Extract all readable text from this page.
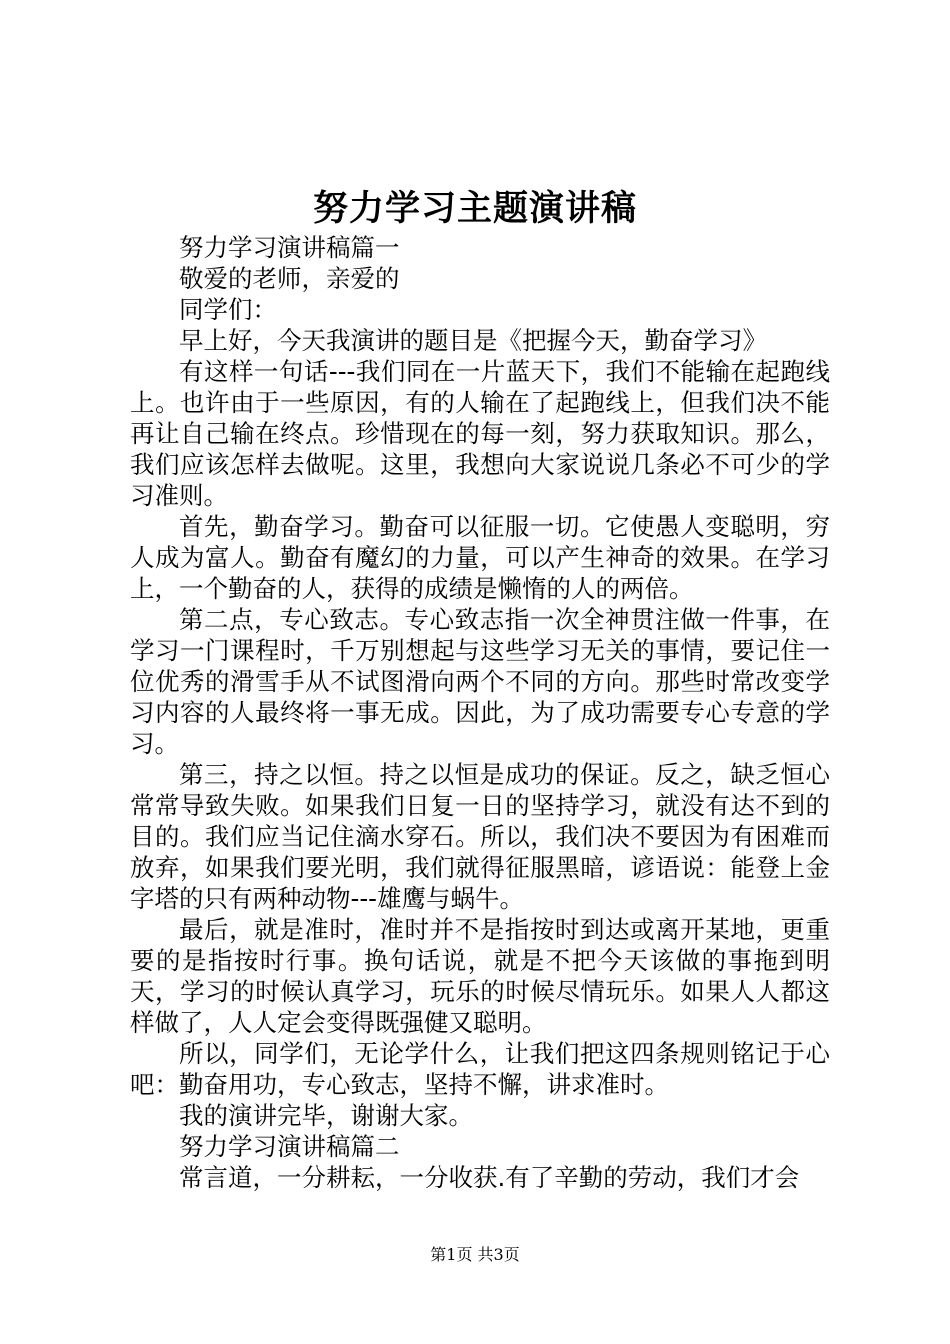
努力学习主题演讲稿

努力学习演讲稿篇一

敬爱的老师，亲爱的

同学们：

早上好，今天我演讲的题目是《把握今天，勤奋学习》

有这样一句话---我们同在一片蓝天下，我们不能输在起跑线上。也许由于一些原因，有的人输在了起跑线上，但我们决不能再让自己输在终点。珍惜现在的每一刻，努力获取知识。那么，我们应该怎样去做呢。这里，我想向大家说说几条必不可少的学习准则。

首先，勤奋学习。勤奋可以征服一切。它使愚人变聪明，穷人成为富人。勤奋有魔幻的力量，可以产生神奇的效果。在学习上，一个勤奋的人，获得的成绩是懒惰的人的两倍。

第二点，专心致志。专心致志指一次全神贯注做一件事，在学习一门课程时，千万别想起与这些学习无关的事情，要记住一位优秀的滑雪手从不试图滑向两个不同的方向。那些时常改变学习内容的人最终将一事无成。因此，为了成功需要专心专意的学习。

第三，持之以恒。持之以恒是成功的保证。反之，缺乏恒心常常导致失败。如果我们日复一日的坚持学习，就没有达不到的目的。我们应当记住滴水穿石。所以，我们决不要因为有困难而放弃，如果我们要光明，我们就得征服黑暗，谚语说：能登上金字塔的只有两种动物---雄鹰与蜗牛。

最后，就是准时，准时并不是指按时到达或离开某地，更重要的是指按时行事。换句话说，就是不把今天该做的事拖到明天，学习的时候认真学习，玩乐的时候尽情玩乐。如果人人都这样做了，人人定会变得既强健又聪明。

所以，同学们，无论学什么，让我们把这四条规则铭记于心吧：勤奋用功，专心致志，坚持不懈，讲求准时。

我的演讲完毕，谢谢大家。

努力学习演讲稿篇二

常言道，一分耕耘，一分收获.有了辛勤的劳动，我们才会

第1页 共3页
